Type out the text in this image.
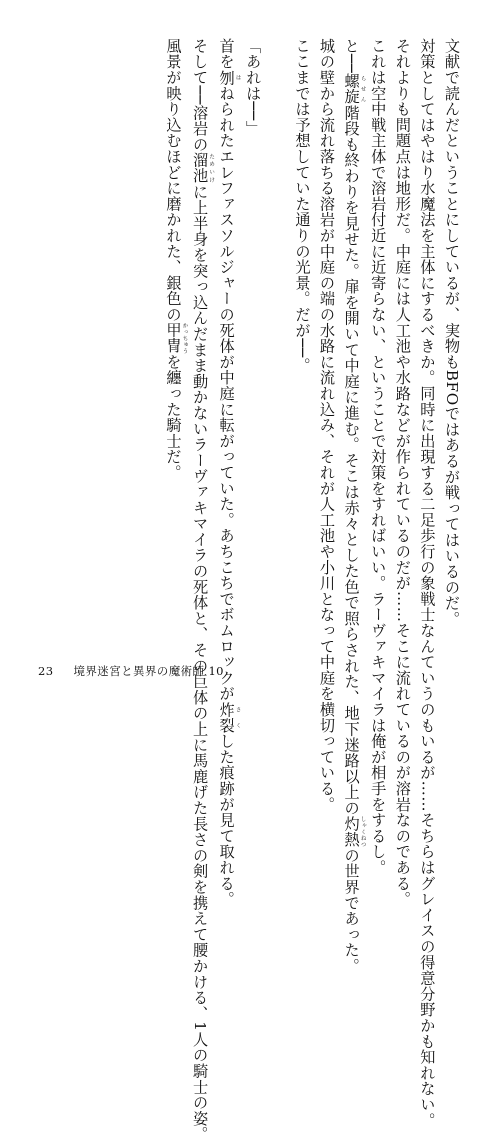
文献で読んだということにしているが、実物もBFOではあるが戦ってはいるのだ。
対策としてはやはり水魔法を主体にするべきか。同時に出現する二足歩行の象戦士なんていうのもいるが……そちらはグレイスの得意分野かも知れない。
それよりも問題点は地形だ。中庭には人工池や水路などが作られているのだが……そこに流れているのが溶岩なのである。
これは空中戦主体で溶岩付近に近寄らない、ということで対策をすればいい。ラーヴァキマイラは俺が相手をするし。
と──螺旋 らせん階段も終わりを見せた。扉を開いて中庭に進む。そこは赤々とした色で照らされた、地下迷路以上の灼熱 しゃくねつの世界であった。
城の壁から流れ落ちる溶岩が中庭の端の水路に流れ込み、それが人工池や小川となって中庭を横切っている。
ここまでは予想していた通りの光景。だが──。
「あれは──」
首を刎 はねられたエレファスソルジャーの死体が中庭に転がっていた。あちこちでボムロックが炸裂 さくした痕跡が見て取れる。
そして──溶岩の溜池 ためいけに上半身を突っ込んだまま動かないラーヴァキマイラの死体と、その巨体の上に馬鹿げた長さの剣を携えて腰かける、1人の騎士の姿。
風景が映り込むほどに磨かれた、銀色の甲冑 かっちゅうを纏った騎士だ。
23 境界迷宮と異界の魔術師 10
